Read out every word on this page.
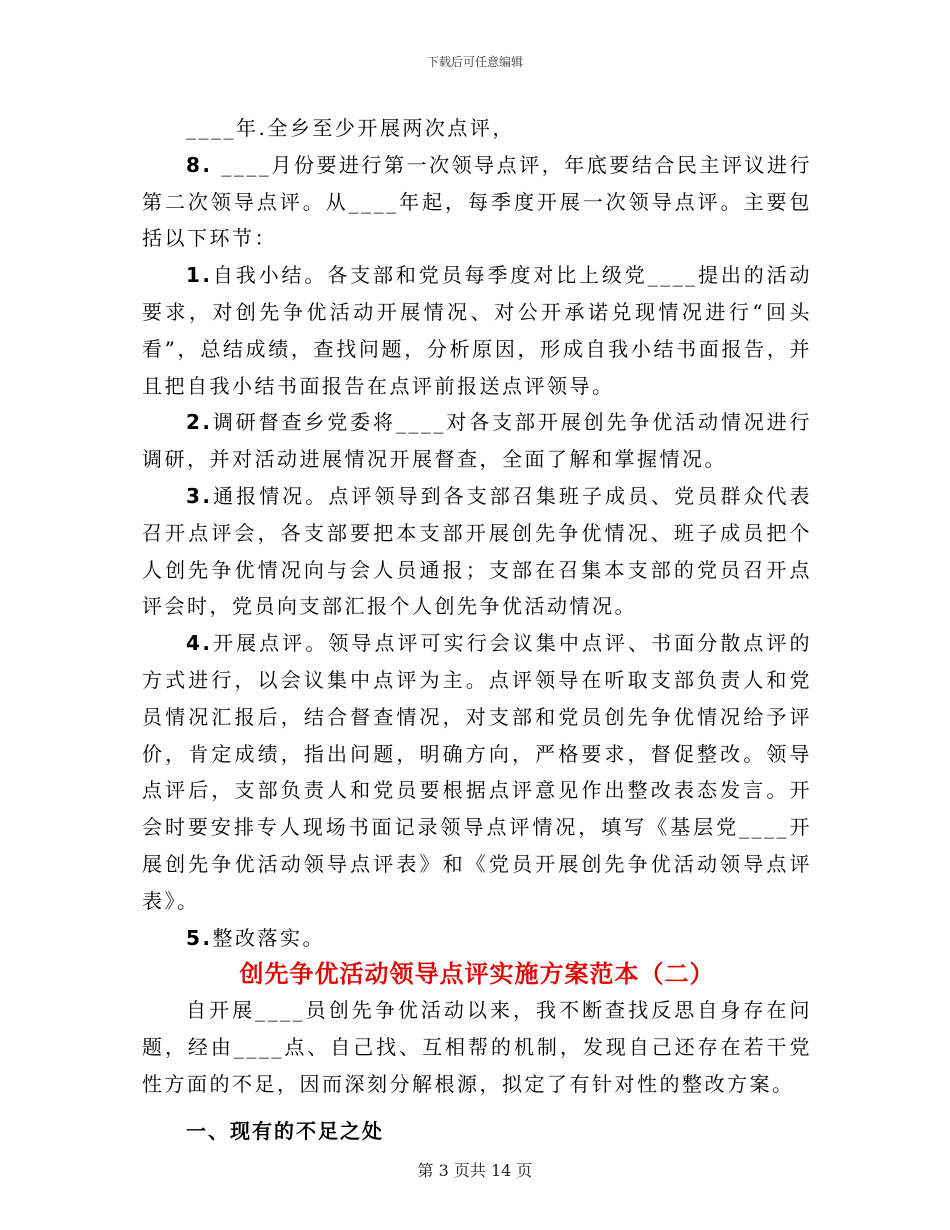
下载后可任意编辑

____年.全乡至少开展两次点评，

8. ____月份要进行第一次领导点评，年底要结合民主评议进行第二次领导点评。从____年起，每季度开展一次领导点评。主要包括以下环节：

1.自我小结。各支部和党员每季度对比上级党____提出的活动要求，对创先争优活动开展情况、对公开承诺兑现情况进行“回头看”，总结成绩，查找问题，分析原因，形成自我小结书面报告，并且把自我小结书面报告在点评前报送点评领导。

2.调研督查乡党委将____对各支部开展创先争优活动情况进行调研，并对活动进展情况开展督查，全面了解和掌握情况。

3.通报情况。点评领导到各支部召集班子成员、党员群众代表召开点评会，各支部要把本支部开展创先争优情况、班子成员把个人创先争优情况向与会人员通报；支部在召集本支部的党员召开点评会时，党员向支部汇报个人创先争优活动情况。

4.开展点评。领导点评可实行会议集中点评、书面分散点评的方式进行，以会议集中点评为主。点评领导在听取支部负责人和党员情况汇报后，结合督查情况，对支部和党员创先争优情况给予评价，肯定成绩，指出问题，明确方向，严格要求，督促整改。领导点评后，支部负责人和党员要根据点评意见作出整改表态发言。开会时要安排专人现场书面记录领导点评情况，填写《基层党____开展创先争优活动领导点评表》和《党员开展创先争优活动领导点评表》。

5.整改落实。

创先争优活动领导点评实施方案范本（二）

自开展____员创先争优活动以来，我不断查找反思自身存在问题，经由____点、自己找、互相帮的机制，发现自己还存在若干党性方面的不足，因而深刻分解根源，拟定了有针对性的整改方案。

一、现有的不足之处
第 3 页共 14 页
